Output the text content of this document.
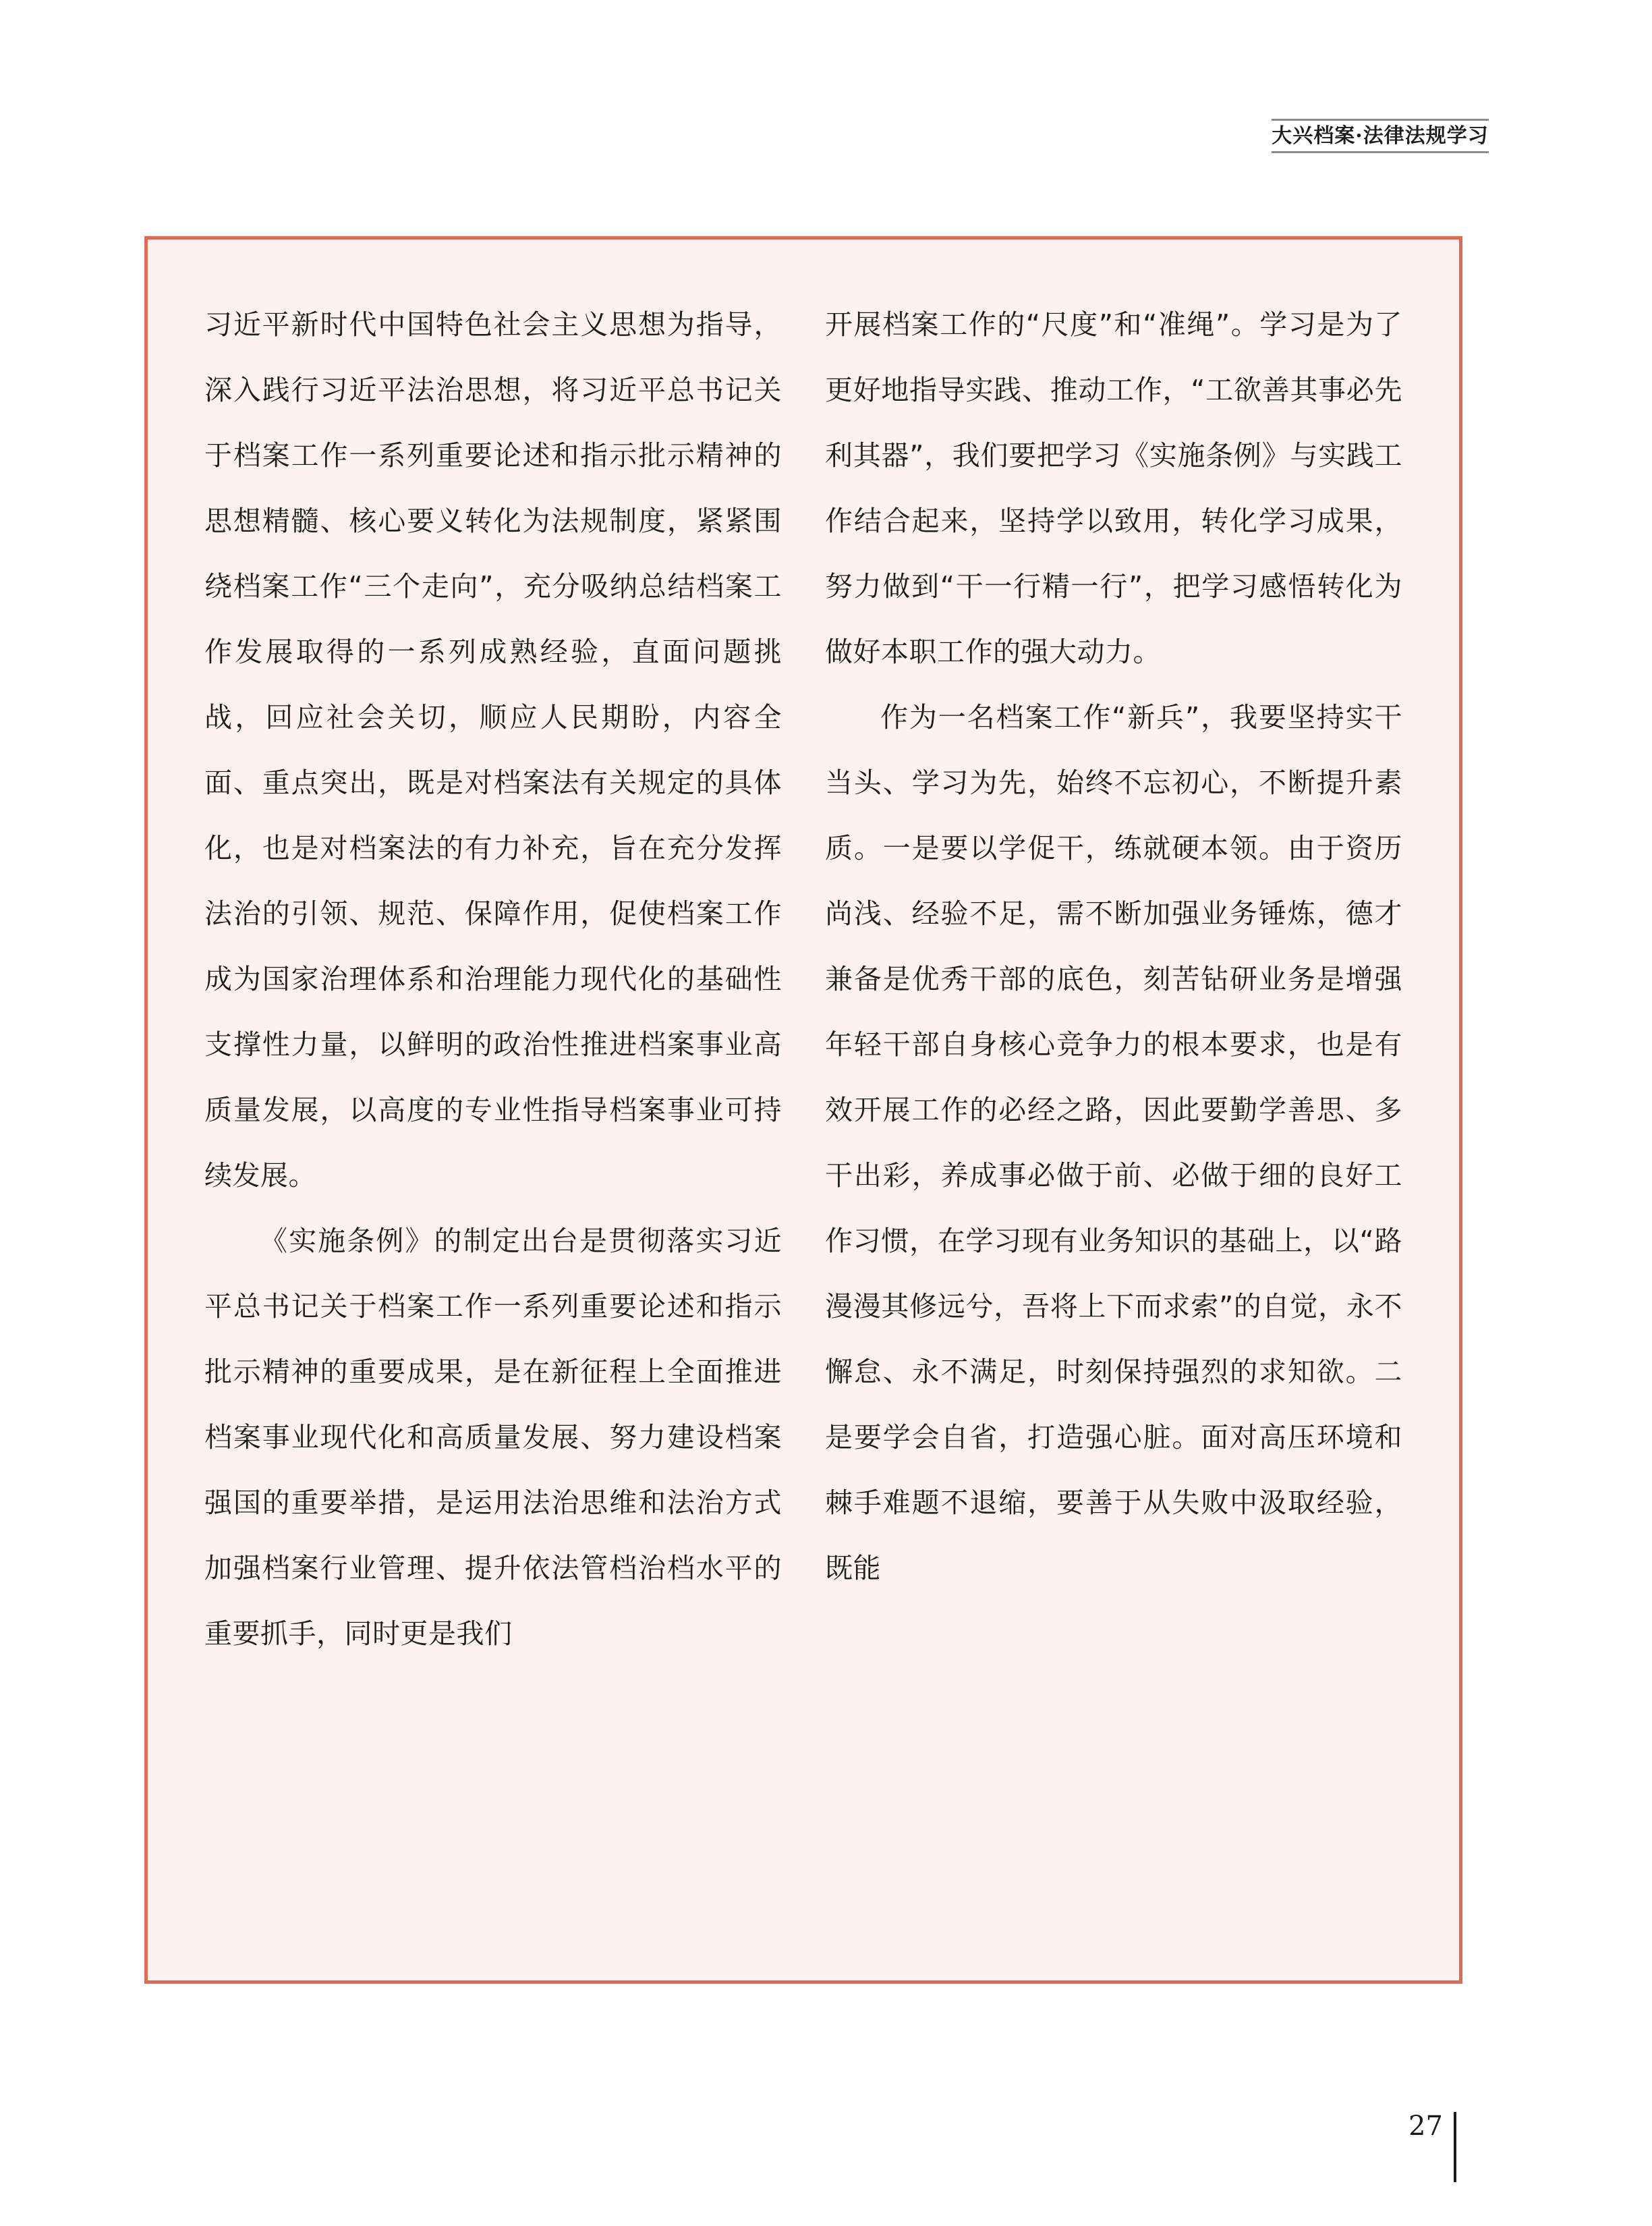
大兴档案·法律法规学习

习近平新时代中国特色社会主义思想为指导，深入践行习近平法治思想，将习近平总书记关于档案工作一系列重要论述和指示批示精神的思想精髓、核心要义转化为法规制度，紧紧围绕档案工作“三个走向”，充分吸纳总结档案工作发展取得的一系列成熟经验，直面问题挑战，回应社会关切，顺应人民期盼，内容全面、重点突出，既是对档案法有关规定的具体化，也是对档案法的有力补充，旨在充分发挥法治的引领、规范、保障作用，促使档案工作成为国家治理体系和治理能力现代化的基础性支撑性力量，以鲜明的政治性推进档案事业高质量发展，以高度的专业性指导档案事业可持续发展。

《实施条例》的制定出台是贯彻落实习近平总书记关于档案工作一系列重要论述和指示批示精神的重要成果，是在新征程上全面推进档案事业现代化和高质量发展、努力建设档案强国的重要举措，是运用法治思维和法治方式加强档案行业管理、提升依法管档治档水平的重要抓手，同时更是我们

开展档案工作的“尺度”和“准绳”。学习是为了更好地指导实践、推动工作，“工欲善其事必先利其器”，我们要把学习《实施条例》与实践工作结合起来，坚持学以致用，转化学习成果，努力做到“干一行精一行”，把学习感悟转化为做好本职工作的强大动力。

作为一名档案工作“新兵”，我要坚持实干当头、学习为先，始终不忘初心，不断提升素质。一是要以学促干，练就硬本领。由于资历尚浅、经验不足，需不断加强业务锤炼，德才兼备是优秀干部的底色，刻苦钻研业务是增强年轻干部自身核心竞争力的根本要求，也是有效开展工作的必经之路，因此要勤学善思、多干出彩，养成事必做于前、必做于细的良好工作习惯，在学习现有业务知识的基础上，以“路漫漫其修远兮，吾将上下而求索”的自觉，永不懈怠、永不满足，时刻保持强烈的求知欲。二是要学会自省，打造强心脏。面对高压环境和棘手难题不退缩，要善于从失败中汲取经验，既能

27
